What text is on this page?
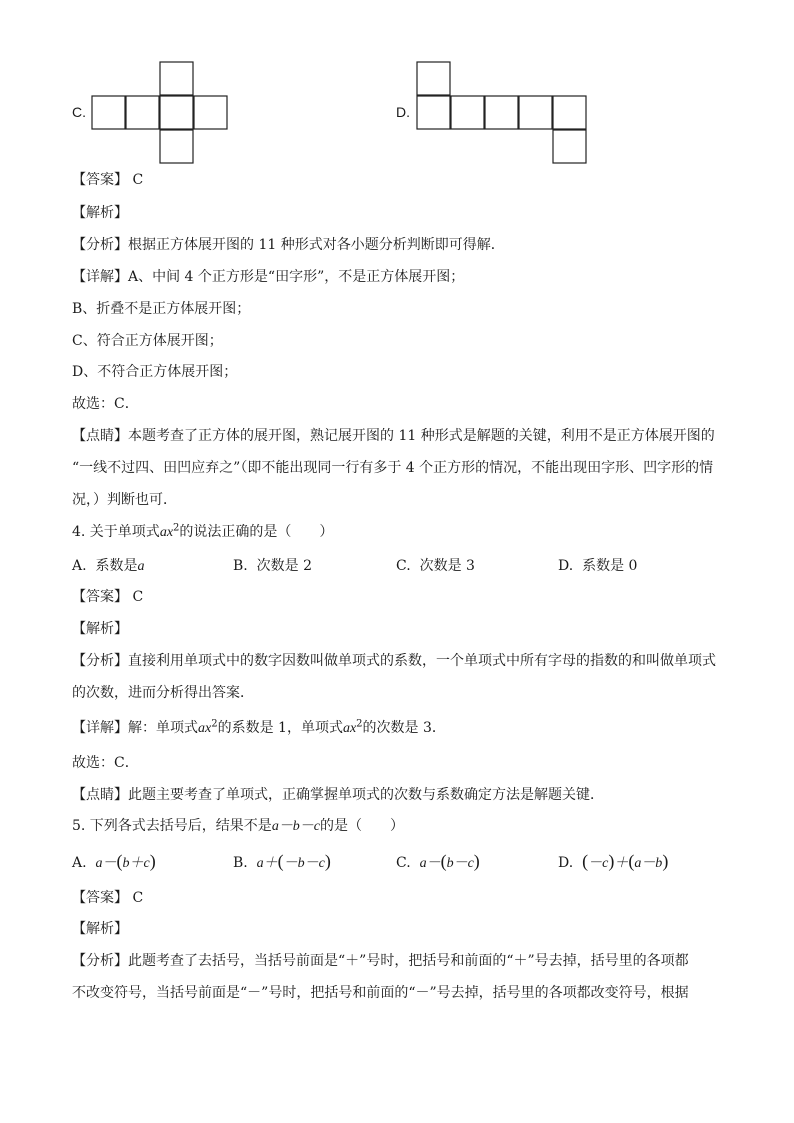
C.	D.
【答案】 C
【解析】
【分析】根据正方体展开图的 11 种形式对各小题分析判断即可得解．
【详解】A、中间 4 个正方形是“田字形”，不是正方体展开图；
B、折叠不是正方体展开图；
C、符合正方体展开图；
D、不符合正方体展开图；
故选：C．
【点睛】本题考查了正方体的展开图，熟记展开图的 11 种形式是解题的关键，利用不是正方体展开图的
“一线不过四、田凹应弃之”（即不能出现同一行有多于 4 个正方形的情况，不能出现田字形、凹字形的情
况，）判断也可．
4. 关于单项式$ax^2$的说法正确的是（　　）
A. 系数是a	B. 次数是 2	C. 次数是 3	D. 系数是 0
【答案】 C
【解析】
【分析】直接利用单项式中的数字因数叫做单项式的系数，一个单项式中所有字母的指数的和叫做单项式
的次数，进而分析得出答案．
【详解】解：单项式$ax^2$的系数是 1，单项式$ax^2$的次数是 3．
故选：C．
【点睛】此题主要考查了单项式，正确掌握单项式的次数与系数确定方法是解题关键．
5. 下列各式去括号后，结果不是a－b－c的是（　　）
A. a－(b＋c)	B. a＋(－b－c)	C. a－(b－c)	D. (－c)＋(a－b)
【答案】 C
【解析】
【分析】此题考查了去括号，当括号前面是“＋”号时，把括号和前面的“＋”号去掉，括号里的各项都
不改变符号，当括号前面是“－”号时，把括号和前面的“－”号去掉，括号里的各项都改变符号，根据
